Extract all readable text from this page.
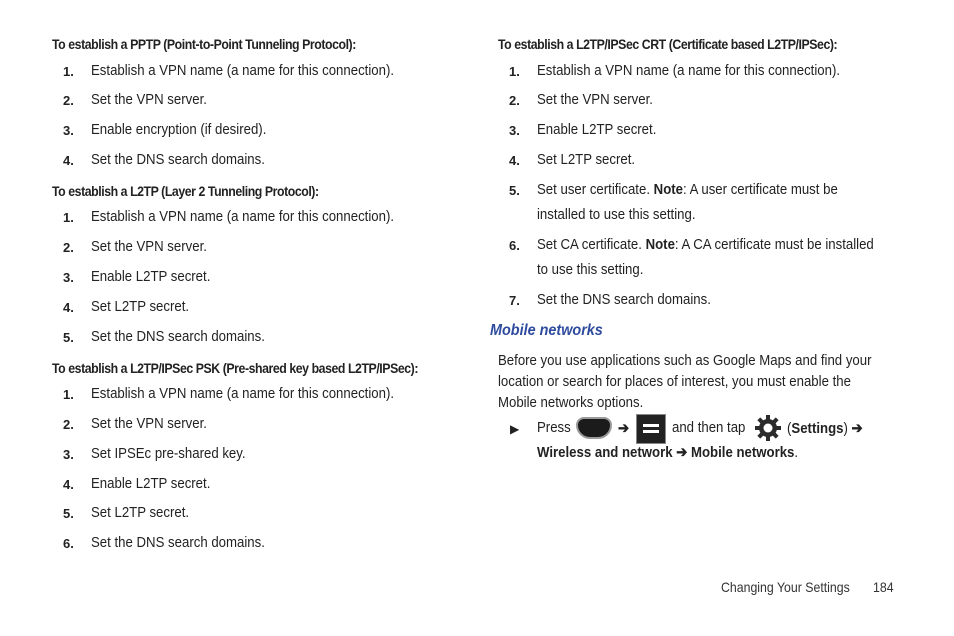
To establish a PPTP (Point-to-Point Tunneling Protocol):
1. Establish a VPN name (a name for this connection).
2. Set the VPN server.
3. Enable encryption (if desired).
4. Set the DNS search domains.
To establish a L2TP (Layer 2 Tunneling Protocol):
1. Establish a VPN name (a name for this connection).
2. Set the VPN server.
3. Enable L2TP secret.
4. Set L2TP secret.
5. Set the DNS search domains.
To establish a L2TP/IPSec PSK (Pre-shared key based L2TP/IPSec):
1. Establish a VPN name (a name for this connection).
2. Set the VPN server.
3. Set IPSEc pre-shared key.
4. Enable L2TP secret.
5. Set L2TP secret.
6. Set the DNS search domains.
To establish a L2TP/IPSec CRT (Certificate based L2TP/IPSec):
1. Establish a VPN name (a name for this connection).
2. Set the VPN server.
3. Enable L2TP secret.
4. Set L2TP secret.
5. Set user certificate. Note: A user certificate must be
installed to use this setting.
6. Set CA certificate. Note: A CA certificate must be installed
to use this setting.
7. Set the DNS search domains.
Mobile networks
Before you use applications such as Google Maps and find your
location or search for places of interest, you must enable the
Mobile networks options.
▶ Press	➔	and then tap	(Settings) ➔
Wireless and network ➔ Mobile networks.
Changing Your Settings 184
